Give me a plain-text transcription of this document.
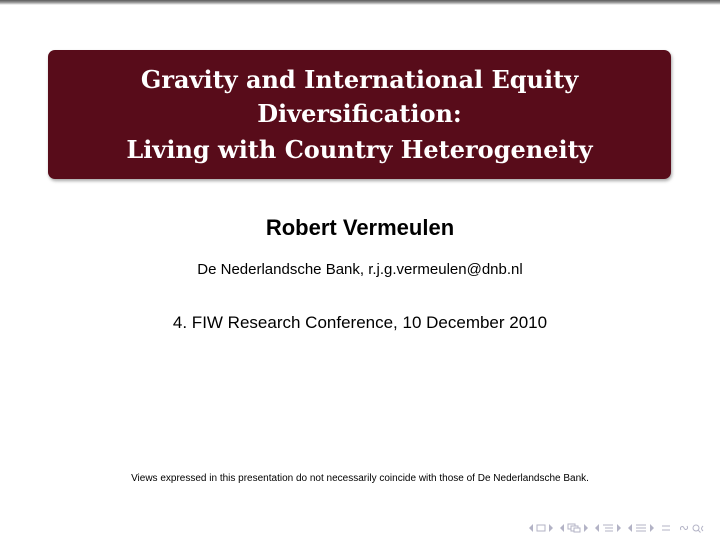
Gravity and International Equity
Diversification:
Living with Country Heterogeneity
Robert Vermeulen
De Nederlandsche Bank, r.j.g.vermeulen@dnb.nl
4. FIW Research Conference, 10 December 2010
Views expressed in this presentation do not necessarily coincide with those of De Nederlandsche Bank.
